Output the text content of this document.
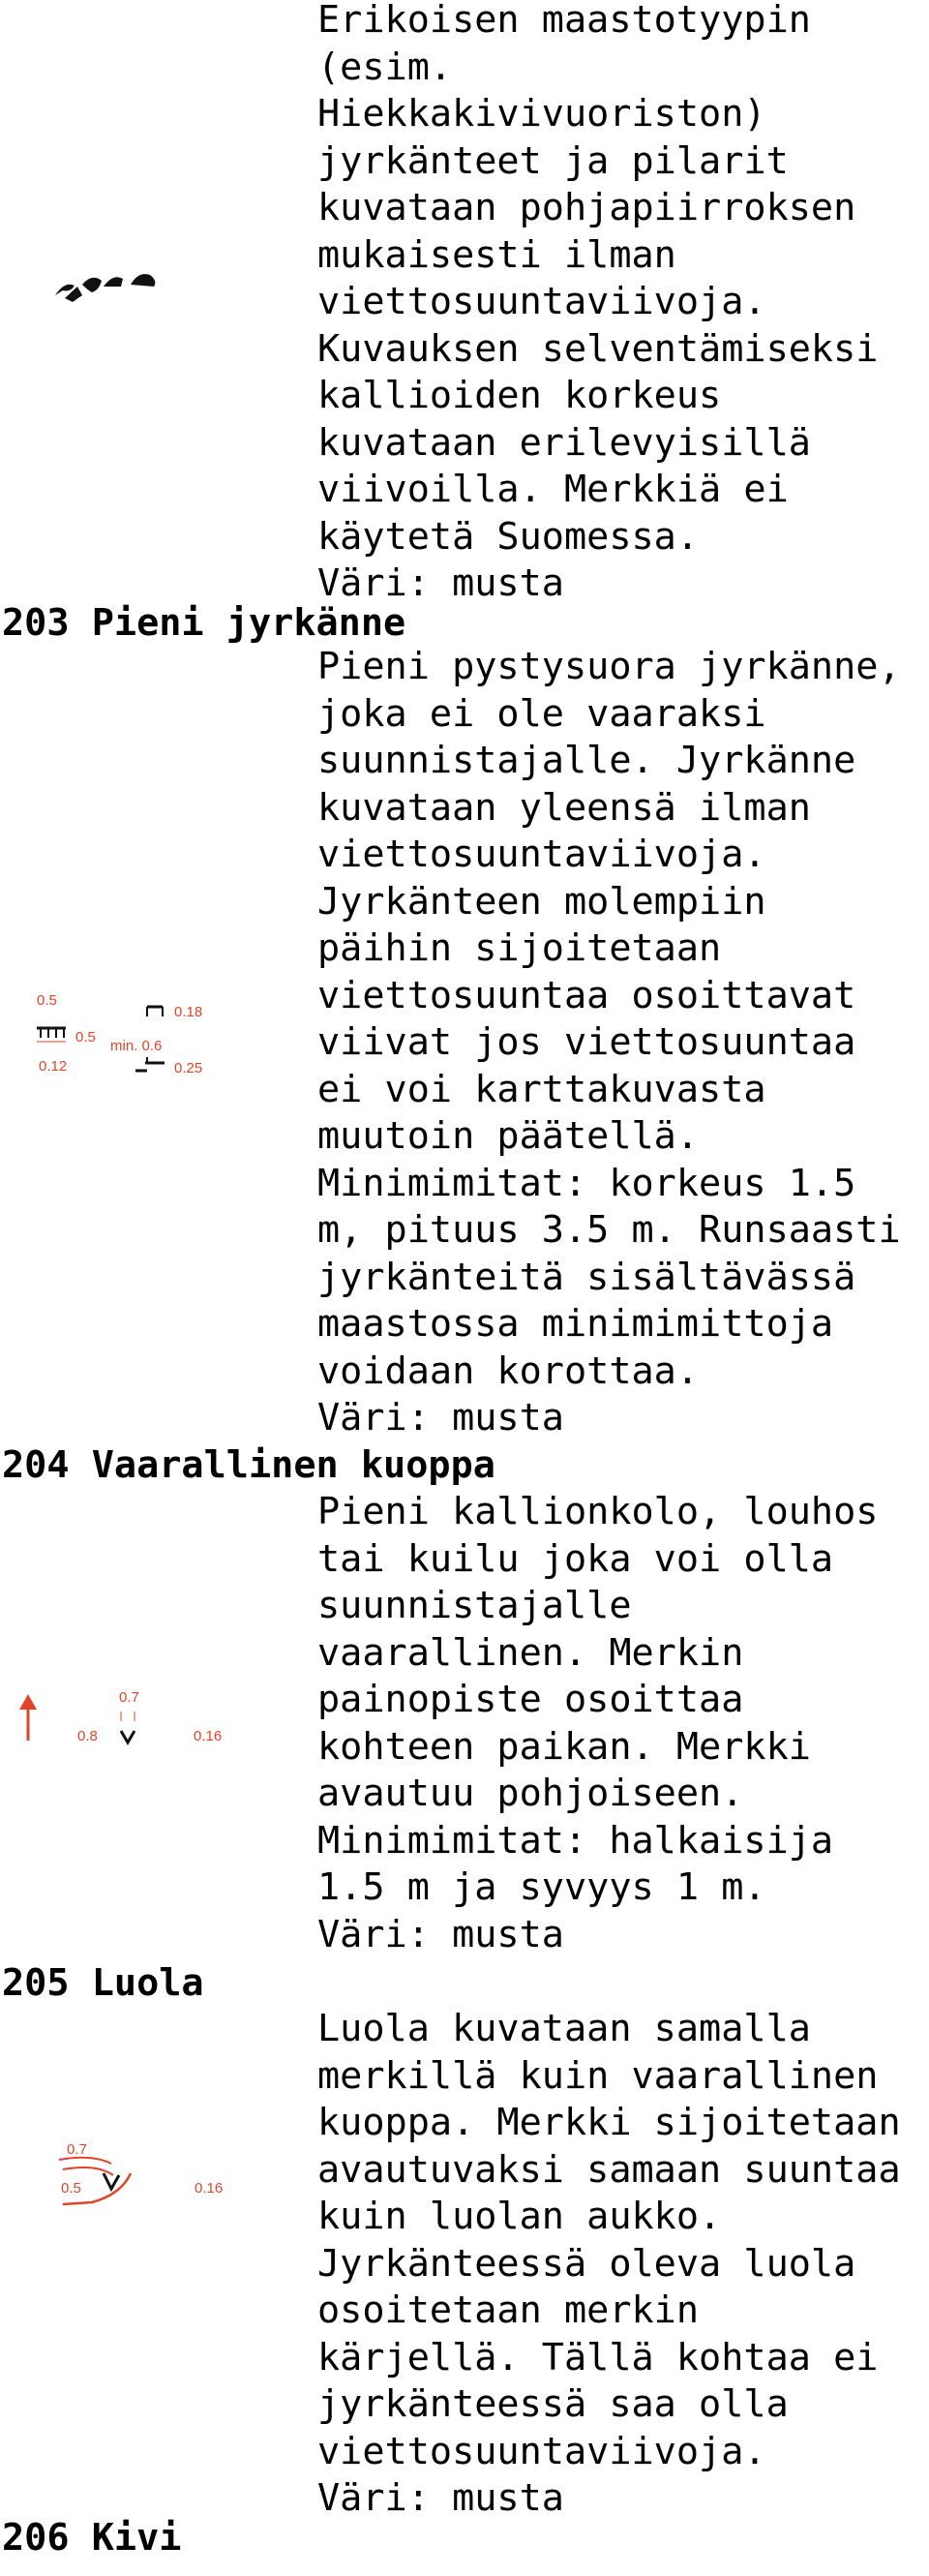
Erikoisen maastotyypin
(esim.
Hiekkakivivuoriston)
jyrkänteet ja pilarit
kuvataan pohjapiirroksen
mukaisesti ilman
viettosuuntaviivoja.
Kuvauksen selventämiseksi
kallioiden korkeus
kuvataan erilevyisillä
viivoilla. Merkkiä ei
käytetä Suomessa.
Väri: musta
203 Pieni jyrkänne
Pieni pystysuora jyrkänne,
joka ei ole vaaraksi
suunnistajalle. Jyrkänne
kuvataan yleensä ilman
viettosuuntaviivoja.
Jyrkänteen molempiin
päihin sijoitetaan
viettosuuntaa osoittavat
viivat jos viettosuuntaa
ei voi karttakuvasta
muutoin päätellä.
Minimimitat: korkeus 1.5
m, pituus 3.5 m. Runsaasti
jyrkänteitä sisältävässä
maastossa minimimittoja
voidaan korottaa.
Väri: musta
0.5
0.5
0.12
0.18
min. 0.6
0.25
204 Vaarallinen kuoppa
Pieni kallionkolo, louhos
tai kuilu joka voi olla
suunnistajalle
vaarallinen. Merkin
painopiste osoittaa
kohteen paikan. Merkki
avautuu pohjoiseen.
Minimimitat: halkaisija
1.5 m ja syvyys 1 m.
Väri: musta
0.7
0.8	0.16
205 Luola
Luola kuvataan samalla
merkillä kuin vaarallinen
kuoppa. Merkki sijoitetaan
avautuvaksi samaan suuntaa
kuin luolan aukko.
Jyrkänteessä oleva luola
osoitetaan merkin
kärjellä. Tällä kohtaa ei
jyrkänteessä saa olla
viettosuuntaviivoja.
Väri: musta
0.7
0.5	0.16
206 Kivi
